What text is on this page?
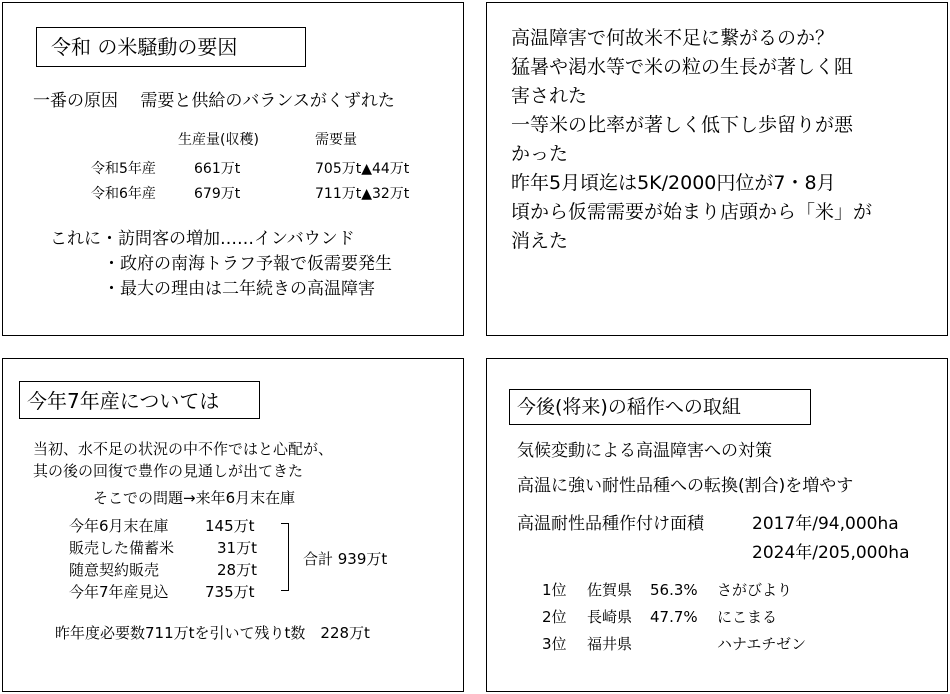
令和 の米騒動の要因
一番の原因　 需要と供給のバランスがくずれた
生産量(収穫)	需要量
令和5年産	661万t	705万t▲44万t
令和6年産	679万t	711万t▲32万t
これに・訪問客の増加……インバウンド
・政府の南海トラフ予報で仮需要発生
・最大の理由は二年続きの高温障害
高温障害で何故米不足に繋がるのか？
猛暑や渇水等で米の粒の生長が著しく阻
害された
一等米の比率が著しく低下し歩留りが悪
かった
昨年5月頃迄は5K/2000円位が7・8月
頃から仮需需要が始まり店頭から「米」が
消えた
今年7年産については
当初、水不足の状況の中不作ではと心配が、
其の後の回復で豊作の見通しが出てきた
そこでの問題→来年6月末在庫
今年6月末在庫 145万t
販売した備蓄米	31万t
随意契約販売	28万t
今年7年産見込 735万t
合計 939万t
昨年度必要数711万tを引いて残りt数　228万t
今後(将来)の稲作への取組
気候変動による高温障害への対策
高温に強い耐性品種への転換(割合)を増やす
高温耐性品種作付け面積	2017年/94,000ha
2024年/205,000ha
1位 佐賀県 56.3% さがびより
2位 長崎県 47.7% にこまる
3位 福井県	ハナエチゼン
